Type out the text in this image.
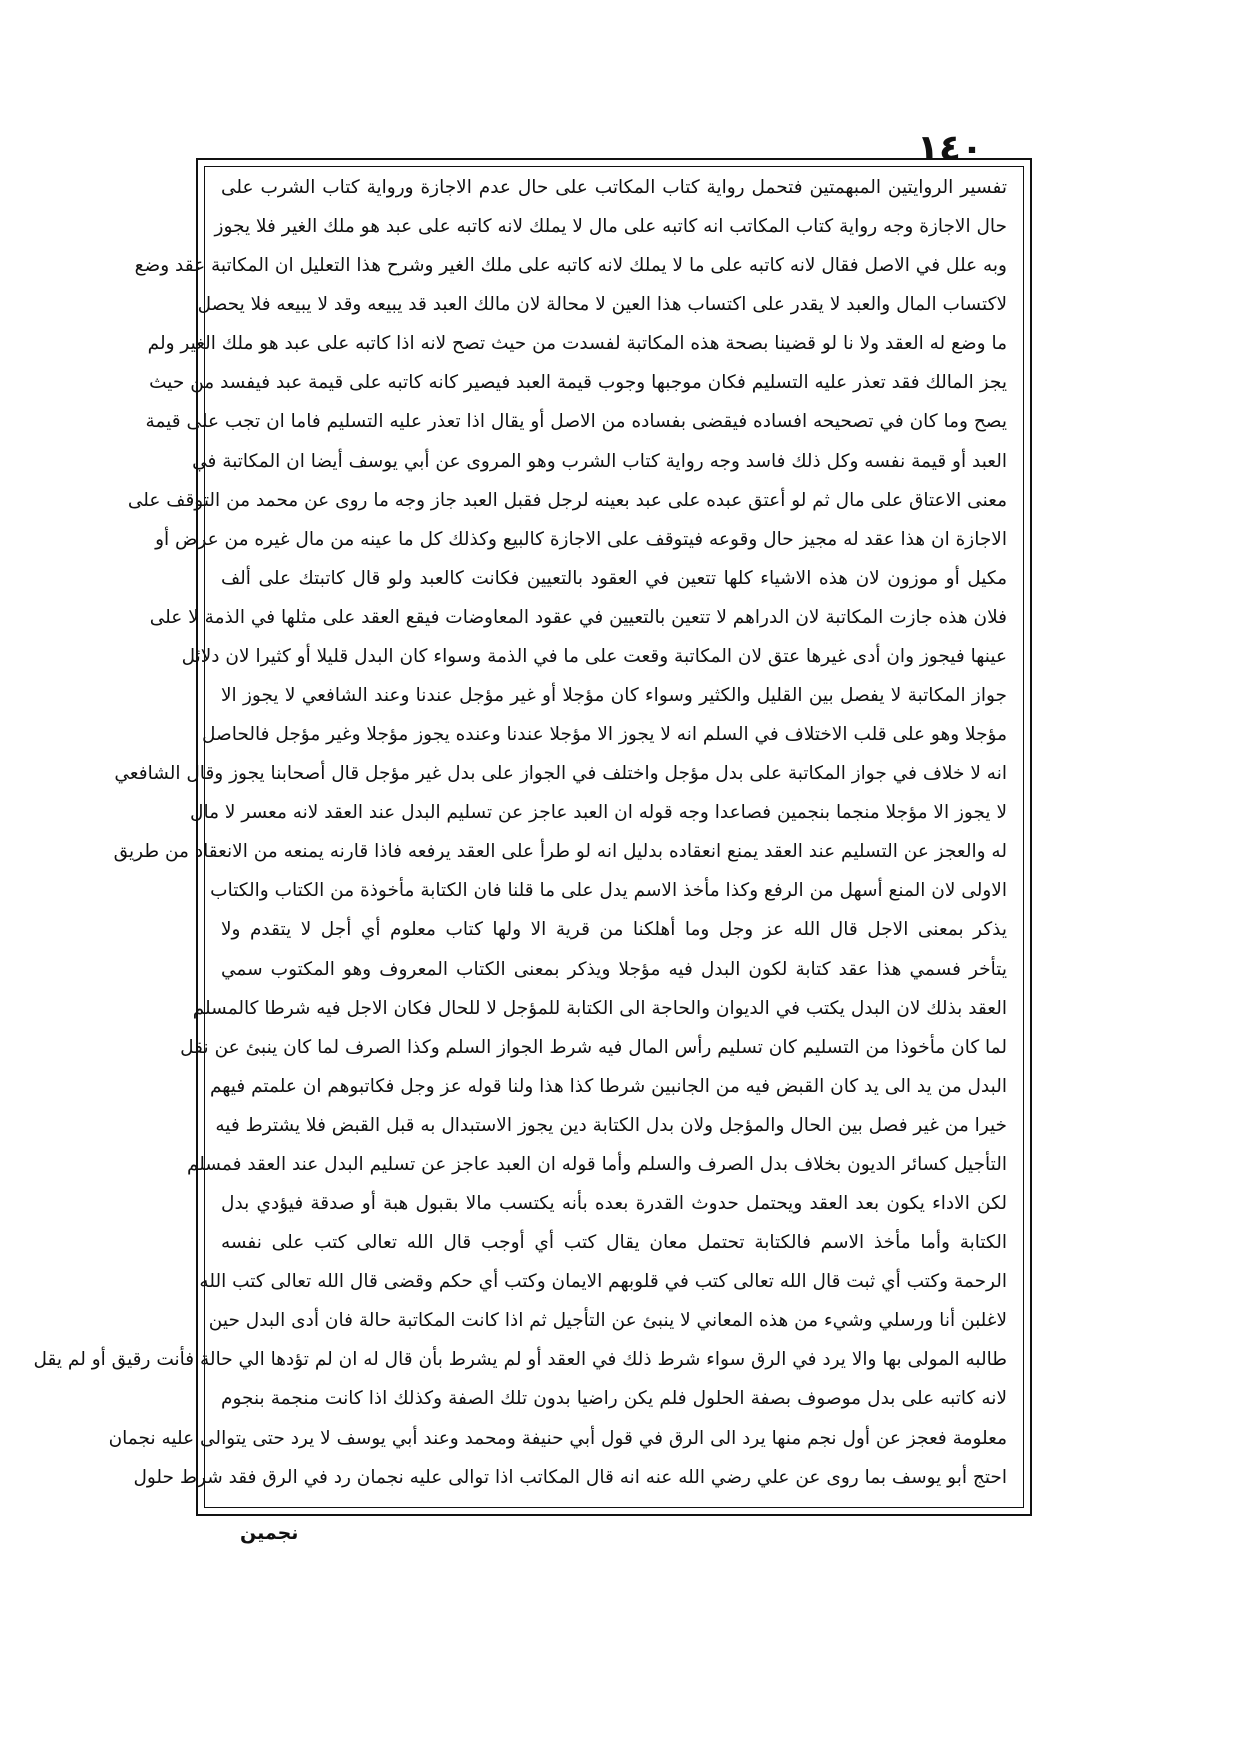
١٤٠
تفسير الروايتين المبهمتين فتحمل رواية كتاب المكاتب على حال عدم الاجازة ورواية كتاب الشرب على
حال الاجازة وجه رواية كتاب المكاتب انه كاتبه على مال لا يملك لانه كاتبه على عبد هو ملك الغير فلا يجوز
وبه علل في الاصل فقال لانه كاتبه على ما لا يملك لانه كاتبه على ملك الغير وشرح هذا التعليل ان المكاتبة عقد وضع
لاكتساب المال والعبد لا يقدر على اكتساب هذا العين لا محالة لان مالك العبد قد يبيعه وقد لا يبيعه فلا يحصل
ما وضع له العقد ولا نا لو قضينا بصحة هذه المكاتبة لفسدت من حيث تصح لانه اذا كاتبه على عبد هو ملك الغير ولم
يجز المالك فقد تعذر عليه التسليم فكان موجبها وجوب قيمة العبد فيصير كانه كاتبه على قيمة عبد فيفسد من حيث
يصح وما كان في تصحيحه افساده فيقضى بفساده من الاصل أو يقال اذا تعذر عليه التسليم فاما ان تجب على قيمة
العبد أو قيمة نفسه وكل ذلك فاسد وجه رواية كتاب الشرب وهو المروى عن أبي يوسف أيضا ان المكاتبة في
معنى الاعتاق على مال ثم لو أعتق عبده على عبد بعينه لرجل فقبل العبد جاز وجه ما روى عن محمد من التوقف على
الاجازة ان هذا عقد له مجيز حال وقوعه فيتوقف على الاجازة كالبيع وكذلك كل ما عينه من مال غيره من عرض أو
مكيل أو موزون لان هذه الاشياء كلها تتعين في العقود بالتعيين فكانت كالعبد ولو قال كاتبتك على ألف
فلان هذه جازت المكاتبة لان الدراهم لا تتعين بالتعيين في عقود المعاوضات فيقع العقد على مثلها في الذمة لا على
عينها فيجوز وان أدى غيرها عتق لان المكاتبة وقعت على ما في الذمة وسواء كان البدل قليلا أو كثيرا لان دلائل
جواز المكاتبة لا يفصل بين القليل والكثير وسواء كان مؤجلا أو غير مؤجل عندنا وعند الشافعي لا يجوز الا
مؤجلا وهو على قلب الاختلاف في السلم انه لا يجوز الا مؤجلا عندنا وعنده يجوز مؤجلا وغير مؤجل فالحاصل
انه لا خلاف في جواز المكاتبة على بدل مؤجل واختلف في الجواز على بدل غير مؤجل قال أصحابنا يجوز وقال الشافعي
لا يجوز الا مؤجلا منجما بنجمين فصاعدا وجه قوله ان العبد عاجز عن تسليم البدل عند العقد لانه معسر لا مال
له والعجز عن التسليم عند العقد يمنع انعقاده بدليل انه لو طرأ على العقد يرفعه فاذا قارنه يمنعه من الانعقاد من طريق
الاولى لان المنع أسهل من الرفع وكذا مأخذ الاسم يدل على ما قلنا فان الكتابة مأخوذة من الكتاب والكتاب
يذكر بمعنى الاجل قال الله عز وجل وما أهلكنا من قرية الا ولها كتاب معلوم أي أجل لا يتقدم ولا
يتأخر فسمي هذا عقد كتابة لكون البدل فيه مؤجلا ويذكر بمعنى الكتاب المعروف وهو المكتوب سمي
العقد بذلك لان البدل يكتب في الديوان والحاجة الى الكتابة للمؤجل لا للحال فكان الاجل فيه شرطا كالمسلم
لما كان مأخوذا من التسليم كان تسليم رأس المال فيه شرط الجواز السلم وكذا الصرف لما كان ينبئ عن نقل
البدل من يد الى يد كان القبض فيه من الجانبين شرطا كذا هذا ولنا قوله عز وجل فكاتبوهم ان علمتم فيهم
خيرا من غير فصل بين الحال والمؤجل ولان بدل الكتابة دين يجوز الاستبدال به قبل القبض فلا يشترط فيه
التأجيل كسائر الديون بخلاف بدل الصرف والسلم وأما قوله ان العبد عاجز عن تسليم البدل عند العقد فمسلم
لكن الاداء يكون بعد العقد ويحتمل حدوث القدرة بعده بأنه يكتسب مالا بقبول هبة أو صدقة فيؤدي بدل
الكتابة وأما مأخذ الاسم فالكتابة تحتمل معان يقال كتب أي أوجب قال الله تعالى كتب على نفسه
الرحمة وكتب أي ثبت قال الله تعالى كتب في قلوبهم الايمان وكتب أي حكم وقضى قال الله تعالى كتب الله
لاغلبن أنا ورسلي وشيء من هذه المعاني لا ينبئ عن التأجيل ثم اذا كانت المكاتبة حالة فان أدى البدل حين
طالبه المولى بها والا يرد في الرق سواء شرط ذلك في العقد أو لم يشرط بأن قال له ان لم تؤدها الي حالة فأنت رقيق أو لم يقل
لانه كاتبه على بدل موصوف بصفة الحلول فلم يكن راضيا بدون تلك الصفة وكذلك اذا كانت منجمة بنجوم
معلومة فعجز عن أول نجم منها يرد الى الرق في قول أبي حنيفة ومحمد وعند أبي يوسف لا يرد حتى يتوالى عليه نجمان
احتج أبو يوسف بما روى عن علي رضي الله عنه انه قال المكاتب اذا توالى عليه نجمان رد في الرق فقد شرط حلول
نجمين
